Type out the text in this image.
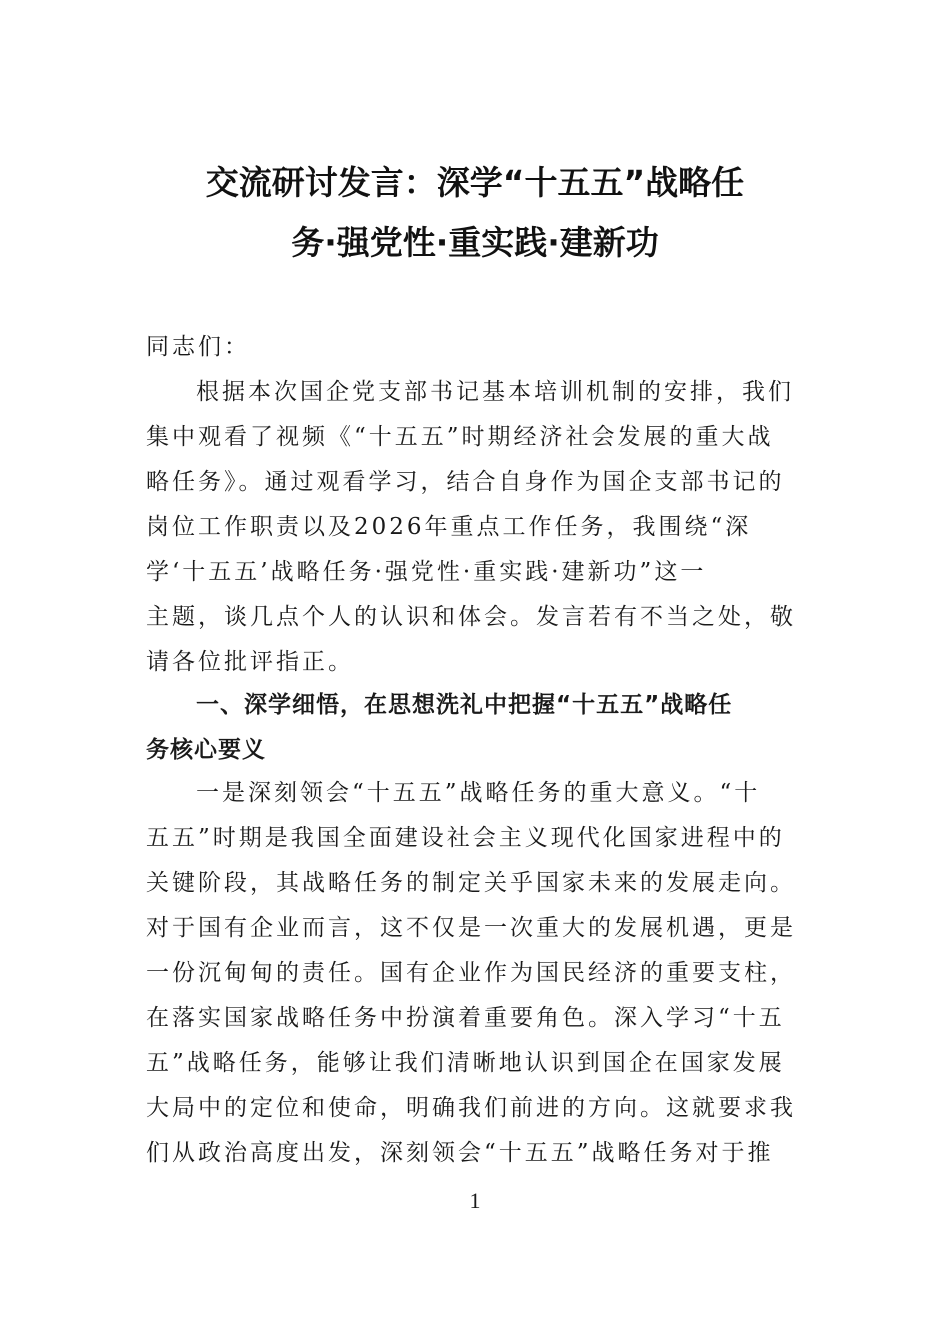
交流研讨发言：深学“十五五”战略任
务·强党性·重实践·建新功

同志们：

根据本次国企党支部书记基本培训机制的安排，我们
集中观看了视频《“十五五”时期经济社会发展的重大战
略任务》。通过观看学习，结合自身作为国企支部书记的
岗位工作职责以及2026年重点工作任务，我围绕“深
学‘十五五’战略任务·强党性·重实践·建新功”这一
主题，谈几点个人的认识和体会。发言若有不当之处，敬
请各位批评指正。
一、深学细悟，在思想洗礼中把握“十五五”战略任
务核心要义
一是深刻领会“十五五”战略任务的重大意义。“十
五五”时期是我国全面建设社会主义现代化国家进程中的
关键阶段，其战略任务的制定关乎国家未来的发展走向。
对于国有企业而言，这不仅是一次重大的发展机遇，更是
一份沉甸甸的责任。国有企业作为国民经济的重要支柱，
在落实国家战略任务中扮演着重要角色。深入学习“十五
五”战略任务，能够让我们清晰地认识到国企在国家发展
大局中的定位和使命，明确我们前进的方向。这就要求我
们从政治高度出发，深刻领会“十五五”战略任务对于推

1
